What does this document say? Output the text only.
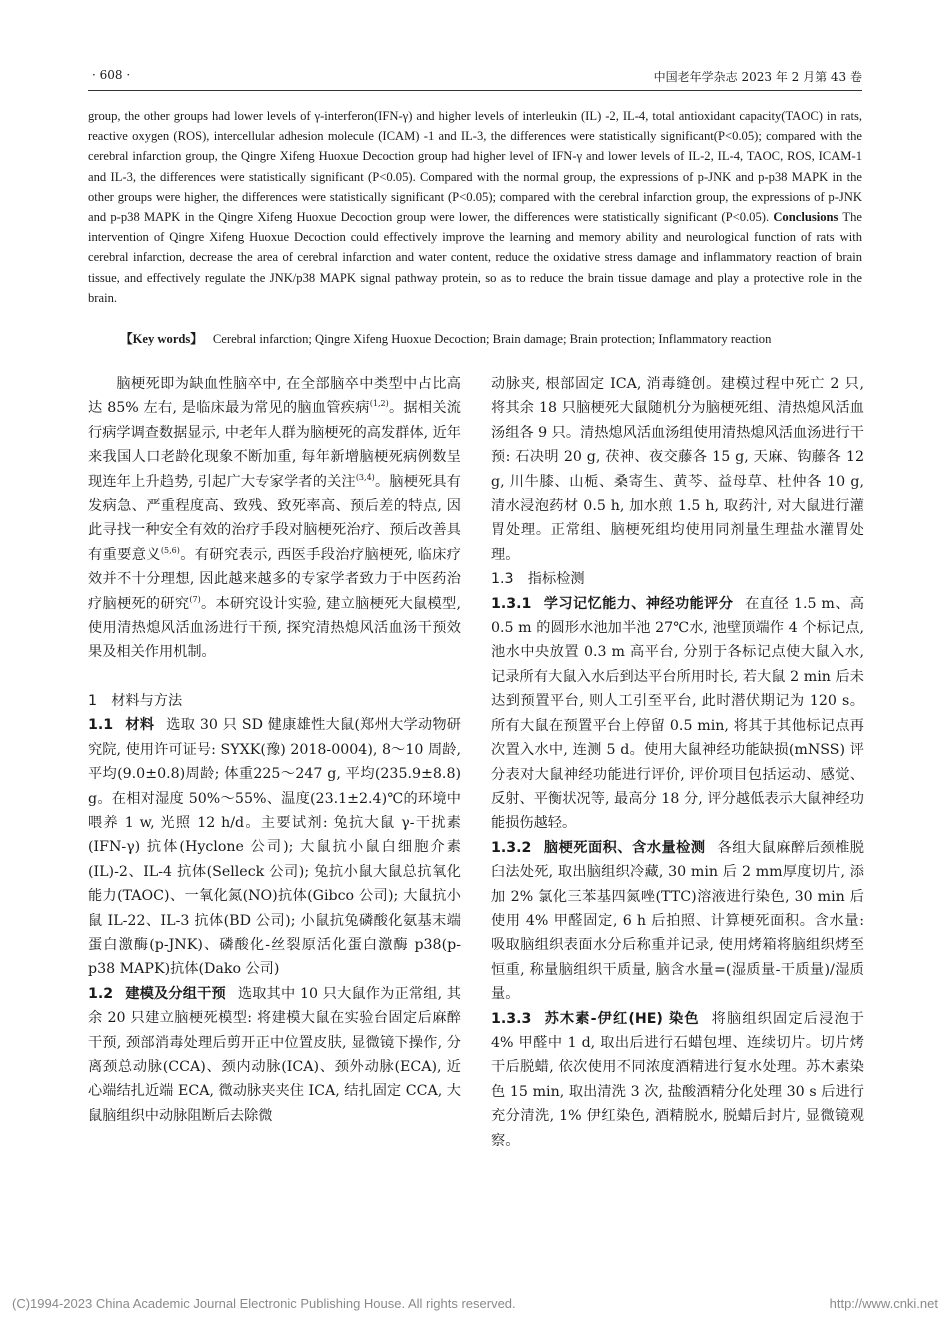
· 608 ·	中国老年学杂志 2023 年 2 月第 43 卷
group, the other groups had lower levels of γ-interferon(IFN-γ) and higher levels of interleukin (IL) -2, IL-4, total antioxidant capacity(TAOC) in rats, reactive oxygen (ROS), intercellular adhesion molecule (ICAM) -1 and IL-3, the differences were statistically significant(P<0.05); compared with the cerebral infarction group, the Qingre Xifeng Huoxue Decoction group had higher level of IFN-γ and lower levels of IL-2, IL-4, TAOC, ROS, ICAM-1 and IL-3, the differences were statistically significant (P<0.05). Compared with the normal group, the expressions of p-JNK and p-p38 MAPK in the other groups were higher, the differences were statistically significant (P<0.05); compared with the cerebral infarction group, the expressions of p-JNK and p-p38 MAPK in the Qingre Xifeng Huoxue Decoction group were lower, the differences were statistically significant (P<0.05). Conclusions The intervention of Qingre Xifeng Huoxue Decoction could effectively improve the learning and memory ability and neurological function of rats with cerebral infarction, decrease the area of cerebral infarction and water content, reduce the oxidative stress damage and inflammatory reaction of brain tissue, and effectively regulate the JNK/p38 MAPK signal pathway protein, so as to reduce the brain tissue damage and play a protective role in the brain.
【Key words】 Cerebral infarction; Qingre Xifeng Huoxue Decoction; Brain damage; Brain protection; Inflammatory reaction

脑梗死即为缺血性脑卒中, 在全部脑卒中类型中占比高达 85% 左右, 是临床最为常见的脑血管疾病$^{(1,2)}$。据相关流行病学调查数据显示, 中老年人群为脑梗死的高发群体, 近年来我国人口老龄化现象不断加重, 每年新增脑梗死病例数呈现连年上升趋势, 引起广大专家学者的关注$^{(3,4)}$。脑梗死具有发病急、严重程度高、致残、致死率高、预后差的特点, 因此寻找一种安全有效的治疗手段对脑梗死治疗、预后改善具有重要意义$^{(5,6)}$。有研究表示, 西医手段治疗脑梗死, 临床疗效并不十分理想, 因此越来越多的专家学者致力于中医药治疗脑梗死的研究$^{(7)}$。本研究设计实验, 建立脑梗死大鼠模型, 使用清热熄风活血汤进行干预, 探究清热熄风活血汤干预效果及相关作用机制。

1　材料与方法

1.1 材料 选取 30 只 SD 健康雄性大鼠(郑州大学动物研究院, 使用许可证号: SYXK(豫) 2018-0004), 8～10 周龄, 平均(9.0±0.8)周龄; 体重225～247 g, 平均(235.9±8.8) g。在相对湿度 50%～55%、温度(23.1±2.4)℃的环境中喂养 1 w, 光照 12 h/d。主要试剂: 兔抗大鼠 γ-干扰素(IFN-γ) 抗体(Hyclone 公司); 大鼠抗小鼠白细胞介素(IL)-2、IL-4 抗体(Selleck 公司); 兔抗小鼠大鼠总抗氧化能力(TAOC)、一氧化氮(NO)抗体(Gibco 公司); 大鼠抗小鼠 IL-22、IL-3 抗体(BD 公司); 小鼠抗兔磷酸化氨基末端蛋白激酶(p-JNK)、磷酸化-丝裂原活化蛋白激酶 p38(p-p38 MAPK)抗体(Dako 公司)

1.2 建模及分组干预 选取其中 10 只大鼠作为正常组, 其余 20 只建立脑梗死模型: 将建模大鼠在实验台固定后麻醉干预, 颈部消毒处理后剪开正中位置皮肤, 显微镜下操作, 分离颈总动脉(CCA)、颈内动脉(ICA)、颈外动脉(ECA), 近心端结扎近端 ECA, 微动脉夹夹住 ICA, 结扎固定 CCA, 大鼠脑组织中动脉阻断后去除微

动脉夹, 根部固定 ICA, 消毒缝创。建模过程中死亡 2 只, 将其余 18 只脑梗死大鼠随机分为脑梗死组、清热熄风活血汤组各 9 只。清热熄风活血汤组使用清热熄风活血汤进行干预: 石决明 20 g, 茯神、夜交藤各 15 g, 天麻、钩藤各 12 g, 川牛膝、山栀、桑寄生、黄芩、益母草、杜仲各 10 g, 清水浸泡药材 0.5 h, 加水煎 1.5 h, 取药汁, 对大鼠进行灌胃处理。正常组、脑梗死组均使用同剂量生理盐水灌胃处理。

1.3　指标检测

1.3.1 学习记忆能力、神经功能评分 在直径 1.5 m、高 0.5 m 的圆形水池加半池 27℃水, 池壁顶端作 4 个标记点, 池水中央放置 0.3 m 高平台, 分别于各标记点使大鼠入水, 记录所有大鼠入水后到达平台所用时长, 若大鼠 2 min 后未达到预置平台, 则人工引至平台, 此时潜伏期记为 120 s。所有大鼠在预置平台上停留 0.5 min, 将其于其他标记点再次置入水中, 连测 5 d。使用大鼠神经功能缺损(mNSS) 评分表对大鼠神经功能进行评价, 评价项目包括运动、感觉、反射、平衡状况等, 最高分 18 分, 评分越低表示大鼠神经功能损伤越轻。

1.3.2 脑梗死面积、含水量检测 各组大鼠麻醉后颈椎脱臼法处死, 取出脑组织冷藏, 30 min 后 2 mm厚度切片, 添加 2% 氯化三苯基四氮唑(TTC)溶液进行染色, 30 min 后使用 4% 甲醛固定, 6 h 后拍照、计算梗死面积。含水量: 吸取脑组织表面水分后称重并记录, 使用烤箱将脑组织烤至恒重, 称量脑组织干质量, 脑含水量=(湿质量-干质量)/湿质量。

1.3.3 苏木素-伊红(HE) 染色 将脑组织固定后浸泡于 4% 甲醛中 1 d, 取出后进行石蜡包埋、连续切片。切片烤干后脱蜡, 依次使用不同浓度酒精进行复水处理。苏木素染色 15 min, 取出清洗 3 次, 盐酸酒精分化处理 30 s 后进行充分清洗, 1% 伊红染色, 酒精脱水, 脱蜡后封片, 显微镜观察。

(C)1994-2023 China Academic Journal Electronic Publishing House. All rights reserved.	http://www.cnki.net
